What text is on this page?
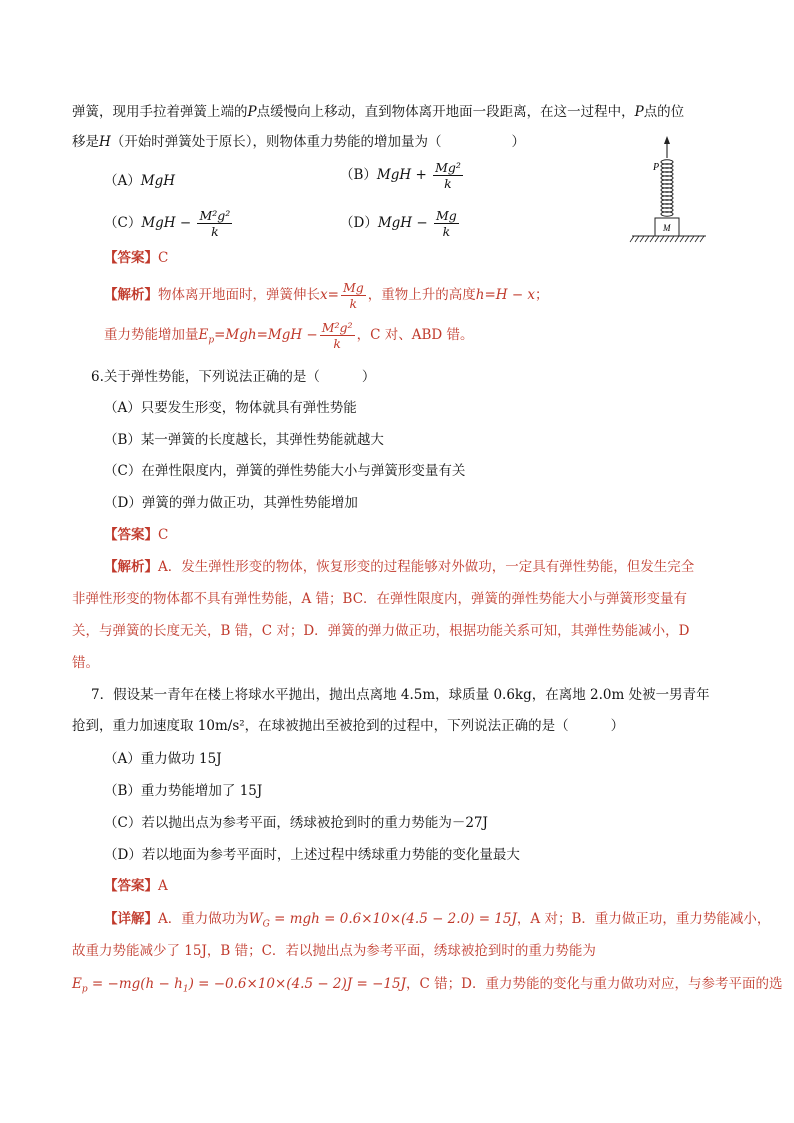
弹簧，现用手拉着弹簧上端的P点缓慢向上移动，直到物体离开地面一段距离，在这一过程中，P点的位
移是H（开始时弹簧处于原长），则物体重力势能的增加量为（	）
（A）MgH	$(B)MgH + \frac{\text{Mg²}}{k}$
$(C)MgH - \frac{\text{M²g²}}{k}$	$(D)MgH - \frac{Mg}{k}$
P
M
【答案】C
【解析】物体离开地面时，弹簧伸长$x= \frac{Mg}{k}$ ，重物上升的高度h=H − x；
重力势能增加量$E_p=Mgh=MgH - \frac{\text{M²g²}}{k}$ ，C 对、ABD 错。
6.关于弹性势能，下列说法正确的是（	）
（A）只要发生形变，物体就具有弹性势能
（B）某一弹簧的长度越长，其弹性势能就越大
（C）在弹性限度内，弹簧的弹性势能大小与弹簧形变量有关
（D）弹簧的弹力做正功，其弹性势能增加
【答案】C
【解析】A．发生弹性形变的物体，恢复形变的过程能够对外做功，一定具有弹性势能，但发生完全
非弹性形变的物体都不具有弹性势能，A 错；BC．在弹性限度内，弹簧的弹性势能大小与弹簧形变量有
关，与弹簧的长度无关，B 错，C 对；D．弹簧的弹力做正功，根据功能关系可知，其弹性势能减小，D
错。
7．假设某一青年在楼上将球水平抛出，抛出点离地 4.5m，球质量 0.6kg，在离地 2.0m 处被一男青年
抢到，重力加速度取 10m/s²，在球被抛出至被抢到的过程中，下列说法正确的是（	）
（A）重力做功 15J
（B）重力势能增加了 15J
（C）若以抛出点为参考平面，绣球被抢到时的重力势能为－27J
（D）若以地面为参考平面时，上述过程中绣球重力势能的变化量最大
【答案】A
【详解】A．重力做功为$W_G$ = mgh = 0.6×10×(4.5 − 2.0) = 15J，A 对；B．重力做正功，重力势能减小，
故重力势能减少了 15J，B 错；C．若以抛出点为参考平面，绣球被抢到时的重力势能为
$E_p = -mg(h - h_1) = -0.6\times 10\times(4.5 - 2)J = -15J$，C 错；D．重力势能的变化与重力做功对应，与参考平面的选
